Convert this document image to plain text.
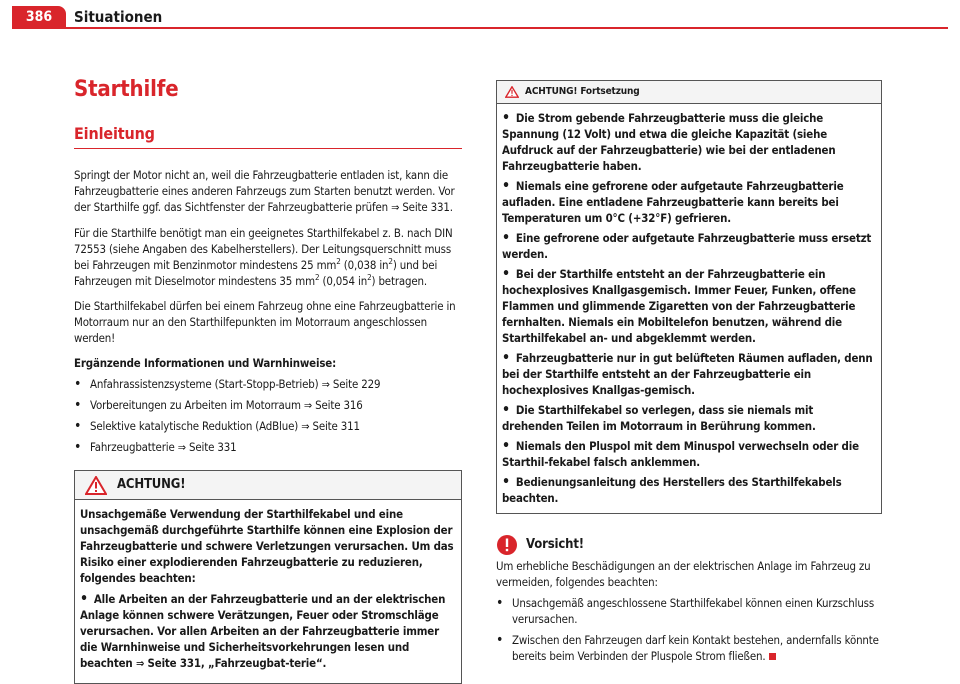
386	Situationen
Starthilfe
Einleitung

Springt der Motor nicht an, weil die Fahrzeugbatterie entladen ist, kann die Fahrzeugbatterie eines anderen Fahrzeugs zum Starten benutzt werden. Vor der Starthilfe ggf. das Sichtfenster der Fahrzeugbatterie prüfen ⇒ Seite 331.

Für die Starthilfe benötigt man ein geeignetes Starthilfekabel z. B. nach DIN 72553 (siehe Angaben des Kabelherstellers). Der Leitungsquerschnitt muss bei Fahrzeugen mit Benzinmotor mindestens 25 $mm^2$ (0,038 $in^2$) und bei Fahrzeugen mit Dieselmotor mindestens 35 $mm^2$ (0,054 $in^2$) betragen.

Die Starthilfekabel dürfen bei einem Fahrzeug ohne eine Fahrzeugbatterie in Motorraum nur an den Starthilfepunkten im Motorraum angeschlossen werden!

Ergänzende Informationen und Warnhinweise:

• Anfahrassistenzsysteme (Start-Stopp-Betrieb) ⇒ Seite 229
• Vorbereitungen zu Arbeiten im Motorraum ⇒ Seite 316
• Selektive katalytische Reduktion (AdBlue) ⇒ Seite 311
• Fahrzeugbatterie ⇒ Seite 331
ACHTUNG!

Unsachgemäße Verwendung der Starthilfekabel und eine unsachgemäß durchgeführte Starthilfe können eine Explosion der Fahrzeugbatterie und schwere Verletzungen verursachen. Um das Risiko einer explodierenden Fahrzeugbatterie zu reduzieren, folgendes beachten:

• Alle Arbeiten an der Fahrzeugbatterie und an der elektrischen Anlage können schwere Verätzungen, Feuer oder Stromschläge verursachen. Vor allen Arbeiten an der Fahrzeugbatterie immer die Warnhinweise und Sicherheitsvorkehrungen lesen und beachten ⇒ Seite 331, „Fahrzeugbat-terie“.

ACHTUNG! Fortsetzung
• Die Strom gebende Fahrzeugbatterie muss die gleiche Spannung (12 Volt) und etwa die gleiche Kapazität (siehe Aufdruck auf der Fahrzeugbatterie) wie bei der entladenen Fahrzeugbatterie haben.
• Niemals eine gefrorene oder aufgetaute Fahrzeugbatterie aufladen. Eine entladene Fahrzeugbatterie kann bereits bei Temperaturen um 0°C (+32°F) gefrieren.
• Eine gefrorene oder aufgetaute Fahrzeugbatterie muss ersetzt werden.
• Bei der Starthilfe entsteht an der Fahrzeugbatterie ein hochexplosives Knallgasgemisch. Immer Feuer, Funken, offene Flammen und glimmende Zigaretten von der Fahrzeugbatterie fernhalten. Niemals ein Mobiltelefon benutzen, während die Starthilfekabel an- und abgeklemmt werden.
• Fahrzeugbatterie nur in gut belüfteten Räumen aufladen, denn bei der Starthilfe entsteht an der Fahrzeugbatterie ein hochexplosives Knallgas-gemisch.
• Die Starthilfekabel so verlegen, dass sie niemals mit drehenden Teilen im Motorraum in Berührung kommen.
• Niemals den Pluspol mit dem Minuspol verwechseln oder die Starthil-fekabel falsch anklemmen.
• Bedienungsanleitung des Herstellers des Starthilfekabels beachten.
Vorsicht!

Um erhebliche Beschädigungen an der elektrischen Anlage im Fahrzeug zu vermeiden, folgendes beachten:

• Unsachgemäß angeschlossene Starthilfekabel können einen Kurzschluss verursachen.

• Zwischen den Fahrzeugen darf kein Kontakt bestehen, andernfalls könnte bereits beim Verbinden der Pluspole Strom fließen.
